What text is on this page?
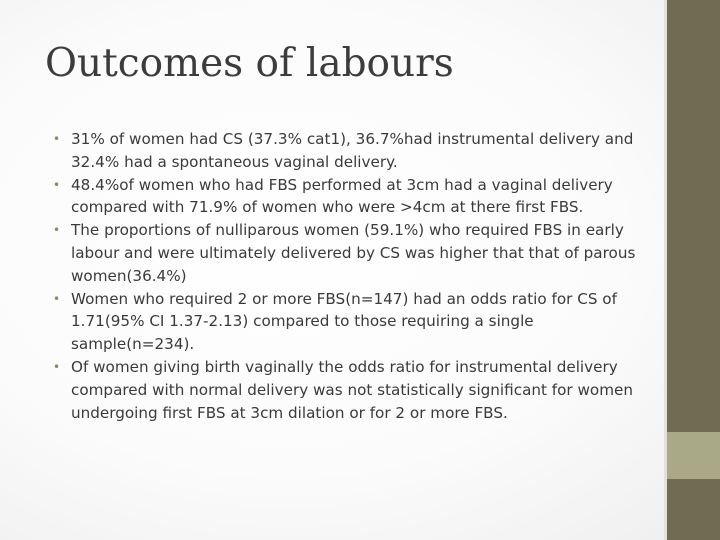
Outcomes of labours
• 31% of women had CS (37.3% cat1), 36.7%had instrumental delivery and 32.4% had a spontaneous vaginal delivery.
• 48.4%of women who had FBS performed at 3cm had a vaginal delivery compared with 71.9% of women who were >4cm at there first FBS.
• The proportions of nulliparous women (59.1%) who required FBS in early labour and were ultimately delivered by CS was higher that that of parous women(36.4%)
• Women who required 2 or more FBS(n=147) had an odds ratio for CS of 1.71(95% CI 1.37-2.13) compared to those requiring a single sample(n=234).
• Of women giving birth vaginally the odds ratio for instrumental delivery compared with normal delivery was not statistically significant for women undergoing first FBS at 3cm dilation or for 2 or more FBS.
